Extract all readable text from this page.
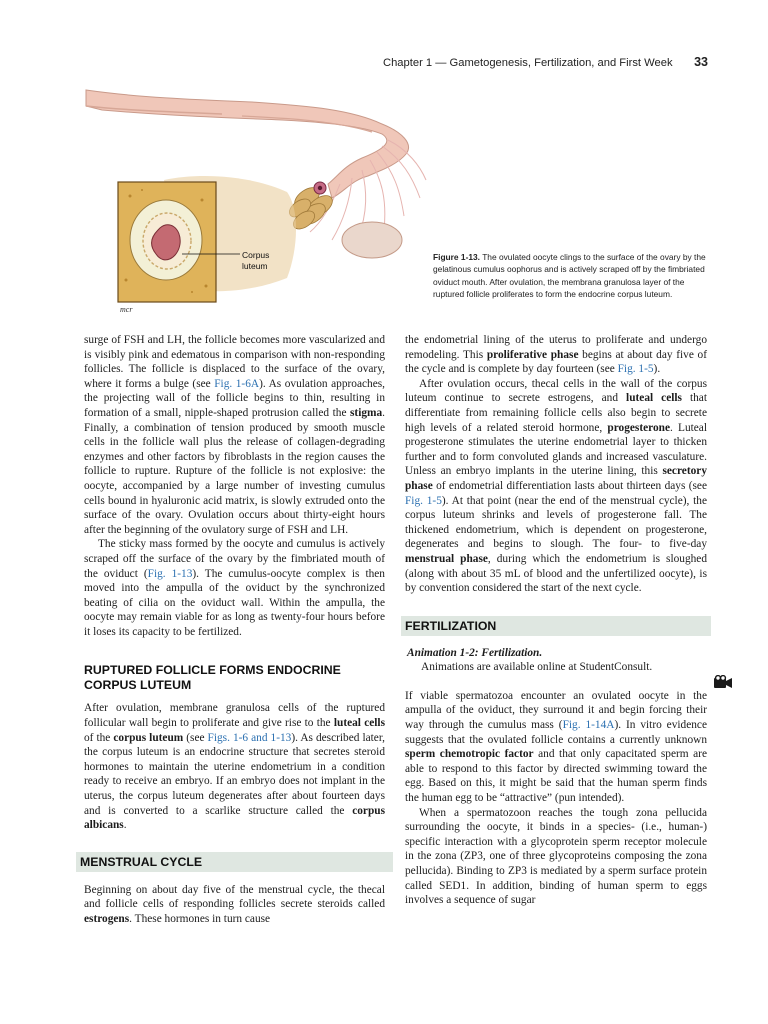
Chapter 1 — Gametogenesis, Fertilization, and First Week 33
Corpus
luteum
mcr
Figure 1-13. The ovulated oocyte clings to the surface of the ovary by the gelatinous cumulus oophorus and is actively scraped off by the fimbriated oviduct mouth. After ovulation, the membrana granulosa layer of the ruptured follicle proliferates to form the endocrine corpus luteum.

surge of FSH and LH, the follicle becomes more vascularized and is visibly pink and edematous in comparison with non-responding follicles. The follicle is displaced to the surface of the ovary, where it forms a bulge (see Fig. 1-6A). As ovulation approaches, the projecting wall of the follicle begins to thin, resulting in formation of a small, nipple-shaped protrusion called the stigma. Finally, a combination of tension produced by smooth muscle cells in the follicle wall plus the release of collagen-degrading enzymes and other factors by fibroblasts in the region causes the follicle to rupture. Rupture of the follicle is not explosive: the oocyte, accompanied by a large number of investing cumulus cells bound in hyaluronic acid matrix, is slowly extruded onto the surface of the ovary. Ovulation occurs about thirty-eight hours after the beginning of the ovulatory surge of FSH and LH.

The sticky mass formed by the oocyte and cumulus is actively scraped off the surface of the ovary by the fimbriated mouth of the oviduct (Fig. 1-13). The cumulus-oocyte complex is then moved into the ampulla of the oviduct by the synchronized beating of cilia on the oviduct wall. Within the ampulla, the oocyte may remain viable for as long as twenty-four hours before it loses its capacity to be fertilized.

RUPTURED FOLLICLE FORMS ENDOCRINE CORPUS LUTEUM

After ovulation, membrane granulosa cells of the ruptured follicular wall begin to proliferate and give rise to the luteal cells of the corpus luteum (see Figs. 1-6 and 1-13). As described later, the corpus luteum is an endocrine structure that secretes steroid hormones to maintain the uterine endometrium in a condition ready to receive an embryo. If an embryo does not implant in the uterus, the corpus luteum degenerates after about fourteen days and is converted to a scarlike structure called the corpus albicans.

MENSTRUAL CYCLE

Beginning on about day five of the menstrual cycle, the thecal and follicle cells of responding follicles secrete steroids called estrogens. These hormones in turn cause

the endometrial lining of the uterus to proliferate and undergo remodeling. This proliferative phase begins at about day five of the cycle and is complete by day fourteen (see Fig. 1-5).

After ovulation occurs, thecal cells in the wall of the corpus luteum continue to secrete estrogens, and luteal cells that differentiate from remaining follicle cells also begin to secrete high levels of a related steroid hormone, progesterone. Luteal progesterone stimulates the uterine endometrial layer to thicken further and to form convoluted glands and increased vasculature. Unless an embryo implants in the uterine lining, this secretory phase of endometrial differentiation lasts about thirteen days (see Fig. 1-5). At that point (near the end of the menstrual cycle), the corpus luteum shrinks and levels of progesterone fall. The thickened endometrium, which is dependent on progesterone, degenerates and begins to slough. The four- to five-day menstrual phase, during which the endometrium is sloughed (along with about 35 mL of blood and the unfertilized oocyte), is by convention considered the start of the next cycle.

FERTILIZATION
Animation 1-2: Fertilization.
Animations are available online at StudentConsult.

If viable spermatozoa encounter an ovulated oocyte in the ampulla of the oviduct, they surround it and begin forcing their way through the cumulus mass (Fig. 1-14A). In vitro evidence suggests that the ovulated follicle contains a currently unknown sperm chemotropic factor and that only capacitated sperm are able to respond to this factor by directed swimming toward the egg. Based on this, it might be said that the human sperm finds the human egg to be “attractive” (pun intended).

When a spermatozoon reaches the tough zona pellucida surrounding the oocyte, it binds in a species- (i.e., human-) specific interaction with a glycoprotein sperm receptor molecule in the zona (ZP3, one of three glycoproteins composing the zona pellucida). Binding to ZP3 is mediated by a sperm surface protein called SED1. In addition, binding of human sperm to eggs involves a sequence of sugar
